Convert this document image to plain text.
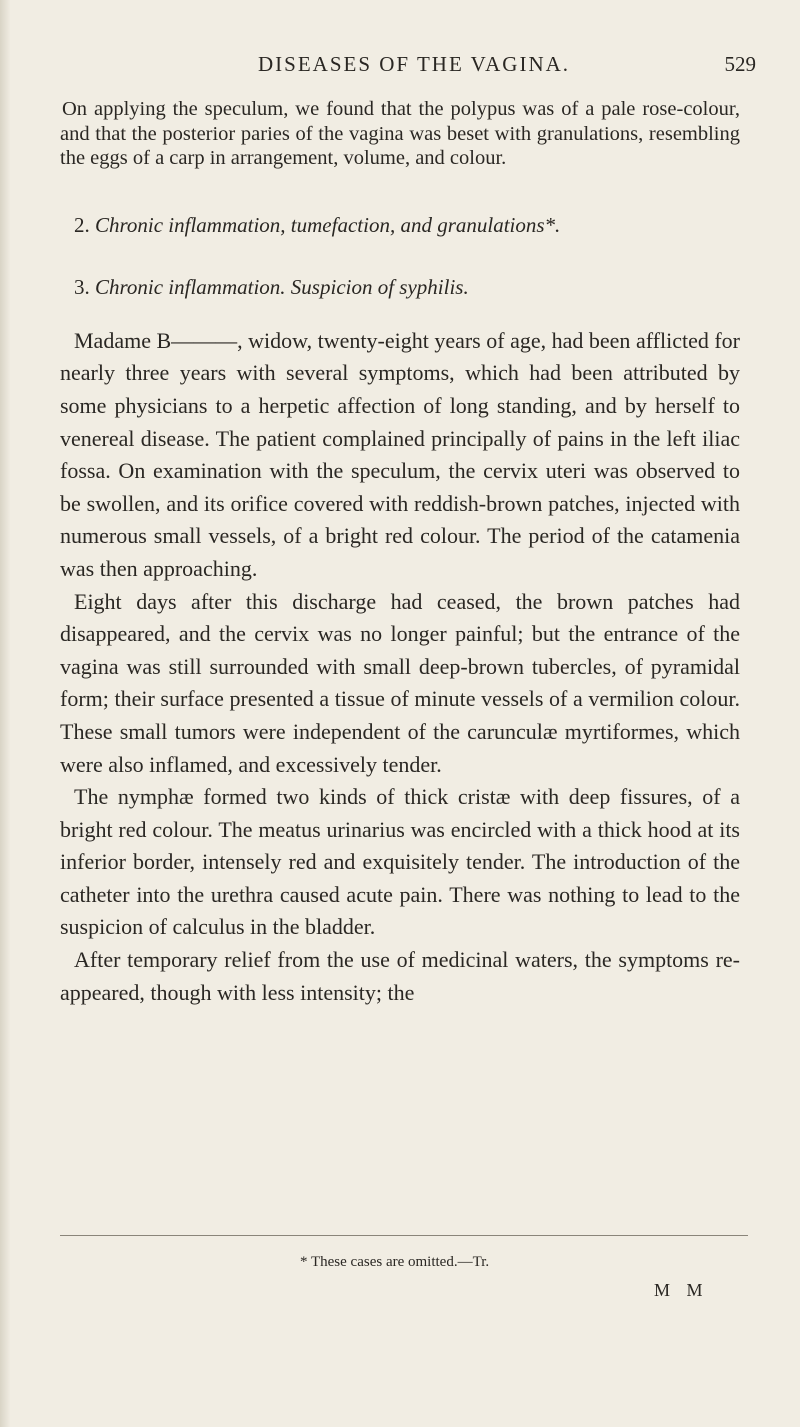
DISEASES OF THE VAGINA.	529

On applying the speculum, we found that the polypus was of a pale rose-colour, and that the posterior paries of the vagina was beset with granulations, resembling the eggs of a carp in arrangement, volume, and colour.

2. Chronic inflammation, tumefaction, and granulations*.

3. Chronic inflammation. Suspicion of syphilis.

Madame B———, widow, twenty-eight years of age, had been afflicted for nearly three years with several symptoms, which had been attributed by some physicians to a herpetic affection of long standing, and by herself to venereal disease. The patient complained principally of pains in the left iliac fossa. On examination with the speculum, the cervix uteri was observed to be swollen, and its orifice covered with reddish-brown patches, injected with numerous small vessels, of a bright red colour. The period of the catamenia was then approaching.

Eight days after this discharge had ceased, the brown patches had disappeared, and the cervix was no longer painful; but the entrance of the vagina was still surrounded with small deep-brown tubercles, of pyramidal form; their surface presented a tissue of minute vessels of a vermilion colour. These small tumors were independent of the carunculæ myrtiformes, which were also inflamed, and excessively tender.

The nymphæ formed two kinds of thick cristæ with deep fissures, of a bright red colour. The meatus urinarius was encircled with a thick hood at its inferior border, intensely red and exquisitely tender. The introduction of the catheter into the urethra caused acute pain. There was nothing to lead to the suspicion of calculus in the bladder.

After temporary relief from the use of medicinal waters, the symptoms re-appeared, though with less intensity; the

* These cases are omitted.—Tr.
M M
